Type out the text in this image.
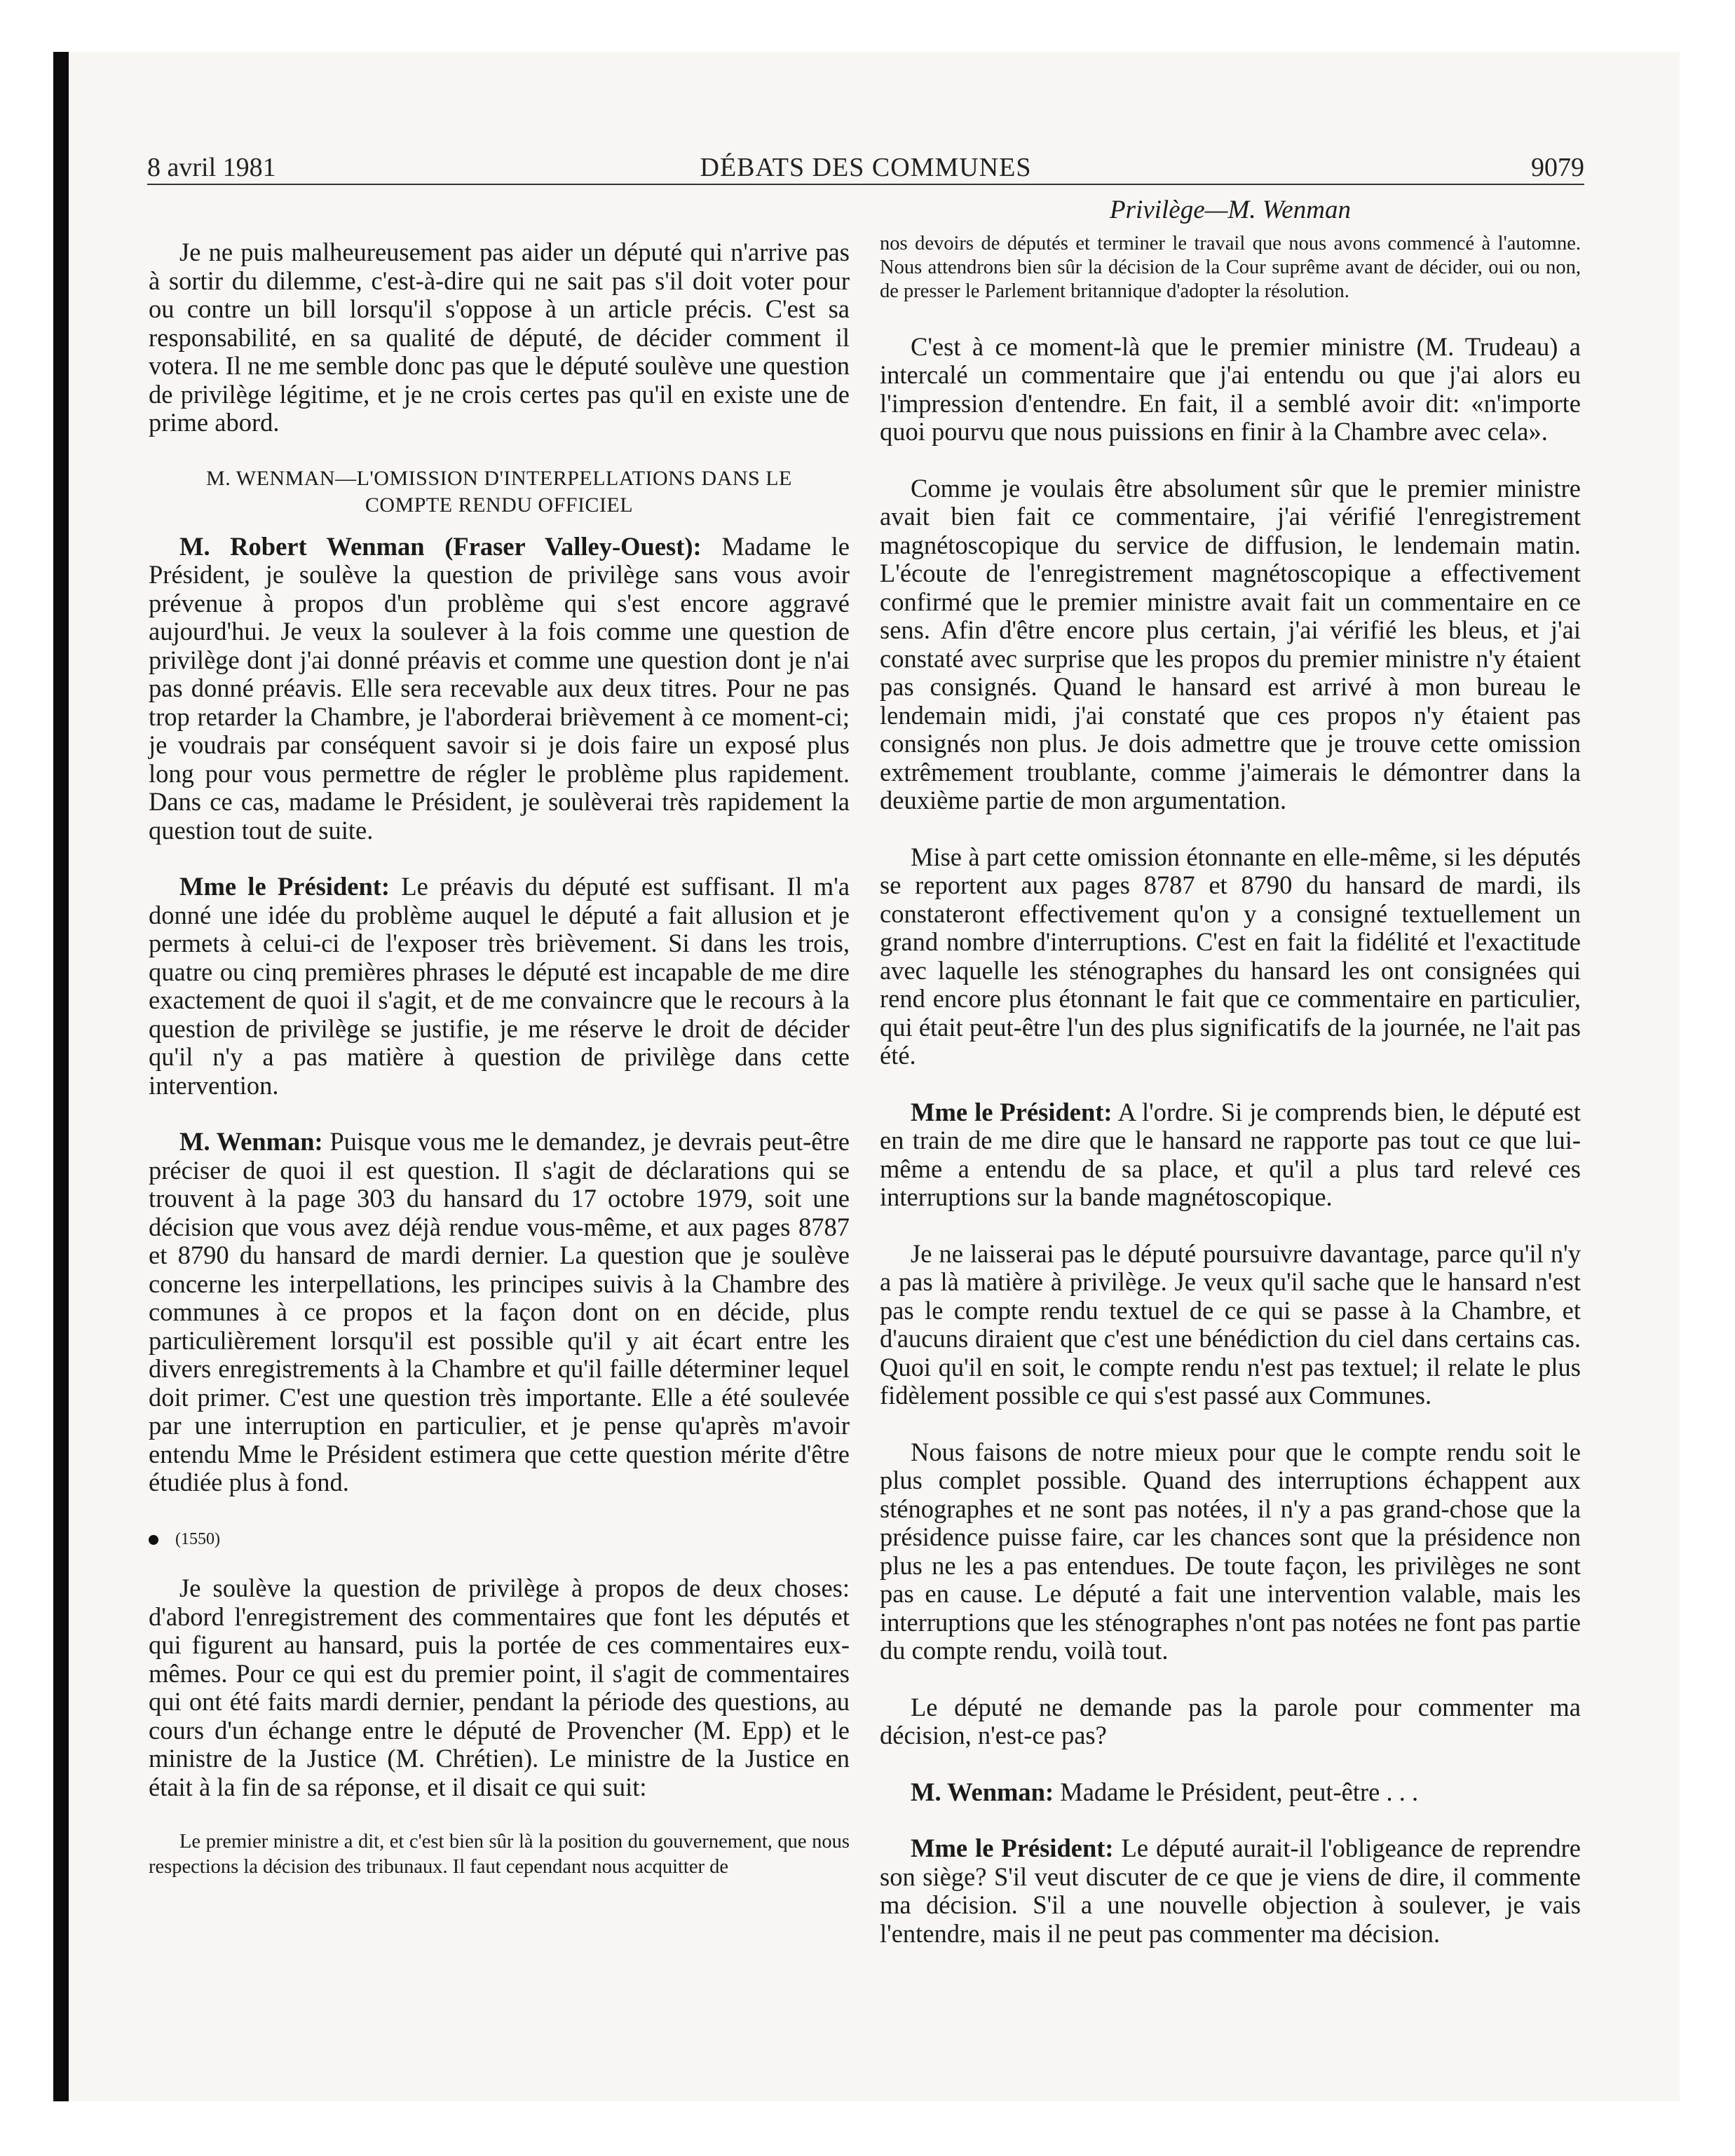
8 avril 1981	DÉBATS DES COMMUNES	9079

Je ne puis malheureusement pas aider un député qui n'arrive pas à sortir du dilemme, c'est-à-dire qui ne sait pas s'il doit voter pour ou contre un bill lorsqu'il s'oppose à un article précis. C'est sa responsabilité, en sa qualité de député, de décider comment il votera. Il ne me semble donc pas que le député soulève une question de privilège légitime, et je ne crois certes pas qu'il en existe une de prime abord.

M. WENMAN—L'OMISSION D'INTERPELLATIONS DANS LE
COMPTE RENDU OFFICIEL

M. Robert Wenman (Fraser Valley-Ouest): Madame le Président, je soulève la question de privilège sans vous avoir prévenue à propos d'un problème qui s'est encore aggravé aujourd'hui. Je veux la soulever à la fois comme une question de privilège dont j'ai donné préavis et comme une question dont je n'ai pas donné préavis. Elle sera recevable aux deux titres. Pour ne pas trop retarder la Chambre, je l'aborderai brièvement à ce moment-ci; je voudrais par conséquent savoir si je dois faire un exposé plus long pour vous permettre de régler le problème plus rapidement. Dans ce cas, madame le Président, je soulèverai très rapidement la question tout de suite.

Mme le Président: Le préavis du député est suffisant. Il m'a donné une idée du problème auquel le député a fait allusion et je permets à celui-ci de l'exposer très brièvement. Si dans les trois, quatre ou cinq premières phrases le député est incapable de me dire exactement de quoi il s'agit, et de me convaincre que le recours à la question de privilège se justifie, je me réserve le droit de décider qu'il n'y a pas matière à question de privilège dans cette intervention.

M. Wenman: Puisque vous me le demandez, je devrais peut-être préciser de quoi il est question. Il s'agit de déclarations qui se trouvent à la page 303 du hansard du 17 octobre 1979, soit une décision que vous avez déjà rendue vous-même, et aux pages 8787 et 8790 du hansard de mardi dernier. La question que je soulève concerne les interpellations, les principes suivis à la Chambre des communes à ce propos et la façon dont on en décide, plus particulièrement lorsqu'il est possible qu'il y ait écart entre les divers enregistrements à la Chambre et qu'il faille déterminer lequel doit primer. C'est une question très importante. Elle a été soulevée par une interruption en particulier, et je pense qu'après m'avoir entendu Mme le Président estimera que cette question mérite d'être étudiée plus à fond.

(1550)

Je soulève la question de privilège à propos de deux choses: d'abord l'enregistrement des commentaires que font les députés et qui figurent au hansard, puis la portée de ces commentaires eux-mêmes. Pour ce qui est du premier point, il s'agit de commentaires qui ont été faits mardi dernier, pendant la période des questions, au cours d'un échange entre le député de Provencher (M. Epp) et le ministre de la Justice (M. Chrétien). Le ministre de la Justice en était à la fin de sa réponse, et il disait ce qui suit:

Le premier ministre a dit, et c'est bien sûr là la position du gouvernement, que nous respections la décision des tribunaux. Il faut cependant nous acquitter de

Privilège—M. Wenman

nos devoirs de députés et terminer le travail que nous avons commencé à l'automne. Nous attendrons bien sûr la décision de la Cour suprême avant de décider, oui ou non, de presser le Parlement britannique d'adopter la résolution.

C'est à ce moment-là que le premier ministre (M. Trudeau) a intercalé un commentaire que j'ai entendu ou que j'ai alors eu l'impression d'entendre. En fait, il a semblé avoir dit: «n'importe quoi pourvu que nous puissions en finir à la Chambre avec cela».

Comme je voulais être absolument sûr que le premier ministre avait bien fait ce commentaire, j'ai vérifié l'enregistrement magnétoscopique du service de diffusion, le lendemain matin. L'écoute de l'enregistrement magnétoscopique a effectivement confirmé que le premier ministre avait fait un commentaire en ce sens. Afin d'être encore plus certain, j'ai vérifié les bleus, et j'ai constaté avec surprise que les propos du premier ministre n'y étaient pas consignés. Quand le hansard est arrivé à mon bureau le lendemain midi, j'ai constaté que ces propos n'y étaient pas consignés non plus. Je dois admettre que je trouve cette omission extrêmement troublante, comme j'aimerais le démontrer dans la deuxième partie de mon argumentation.

Mise à part cette omission étonnante en elle-même, si les députés se reportent aux pages 8787 et 8790 du hansard de mardi, ils constateront effectivement qu'on y a consigné textuellement un grand nombre d'interruptions. C'est en fait la fidélité et l'exactitude avec laquelle les sténographes du hansard les ont consignées qui rend encore plus étonnant le fait que ce commentaire en particulier, qui était peut-être l'un des plus significatifs de la journée, ne l'ait pas été.

Mme le Président: A l'ordre. Si je comprends bien, le député est en train de me dire que le hansard ne rapporte pas tout ce que lui-même a entendu de sa place, et qu'il a plus tard relevé ces interruptions sur la bande magnétoscopique.

Je ne laisserai pas le député poursuivre davantage, parce qu'il n'y a pas là matière à privilège. Je veux qu'il sache que le hansard n'est pas le compte rendu textuel de ce qui se passe à la Chambre, et d'aucuns diraient que c'est une bénédiction du ciel dans certains cas. Quoi qu'il en soit, le compte rendu n'est pas textuel; il relate le plus fidèlement possible ce qui s'est passé aux Communes.

Nous faisons de notre mieux pour que le compte rendu soit le plus complet possible. Quand des interruptions échappent aux sténographes et ne sont pas notées, il n'y a pas grand-chose que la présidence puisse faire, car les chances sont que la présidence non plus ne les a pas entendues. De toute façon, les privilèges ne sont pas en cause. Le député a fait une intervention valable, mais les interruptions que les sténographes n'ont pas notées ne font pas partie du compte rendu, voilà tout.

Le député ne demande pas la parole pour commenter ma décision, n'est-ce pas?

M. Wenman: Madame le Président, peut-être . . .

Mme le Président: Le député aurait-il l'obligeance de reprendre son siège? S'il veut discuter de ce que je viens de dire, il commente ma décision. S'il a une nouvelle objection à soulever, je vais l'entendre, mais il ne peut pas commenter ma décision.
